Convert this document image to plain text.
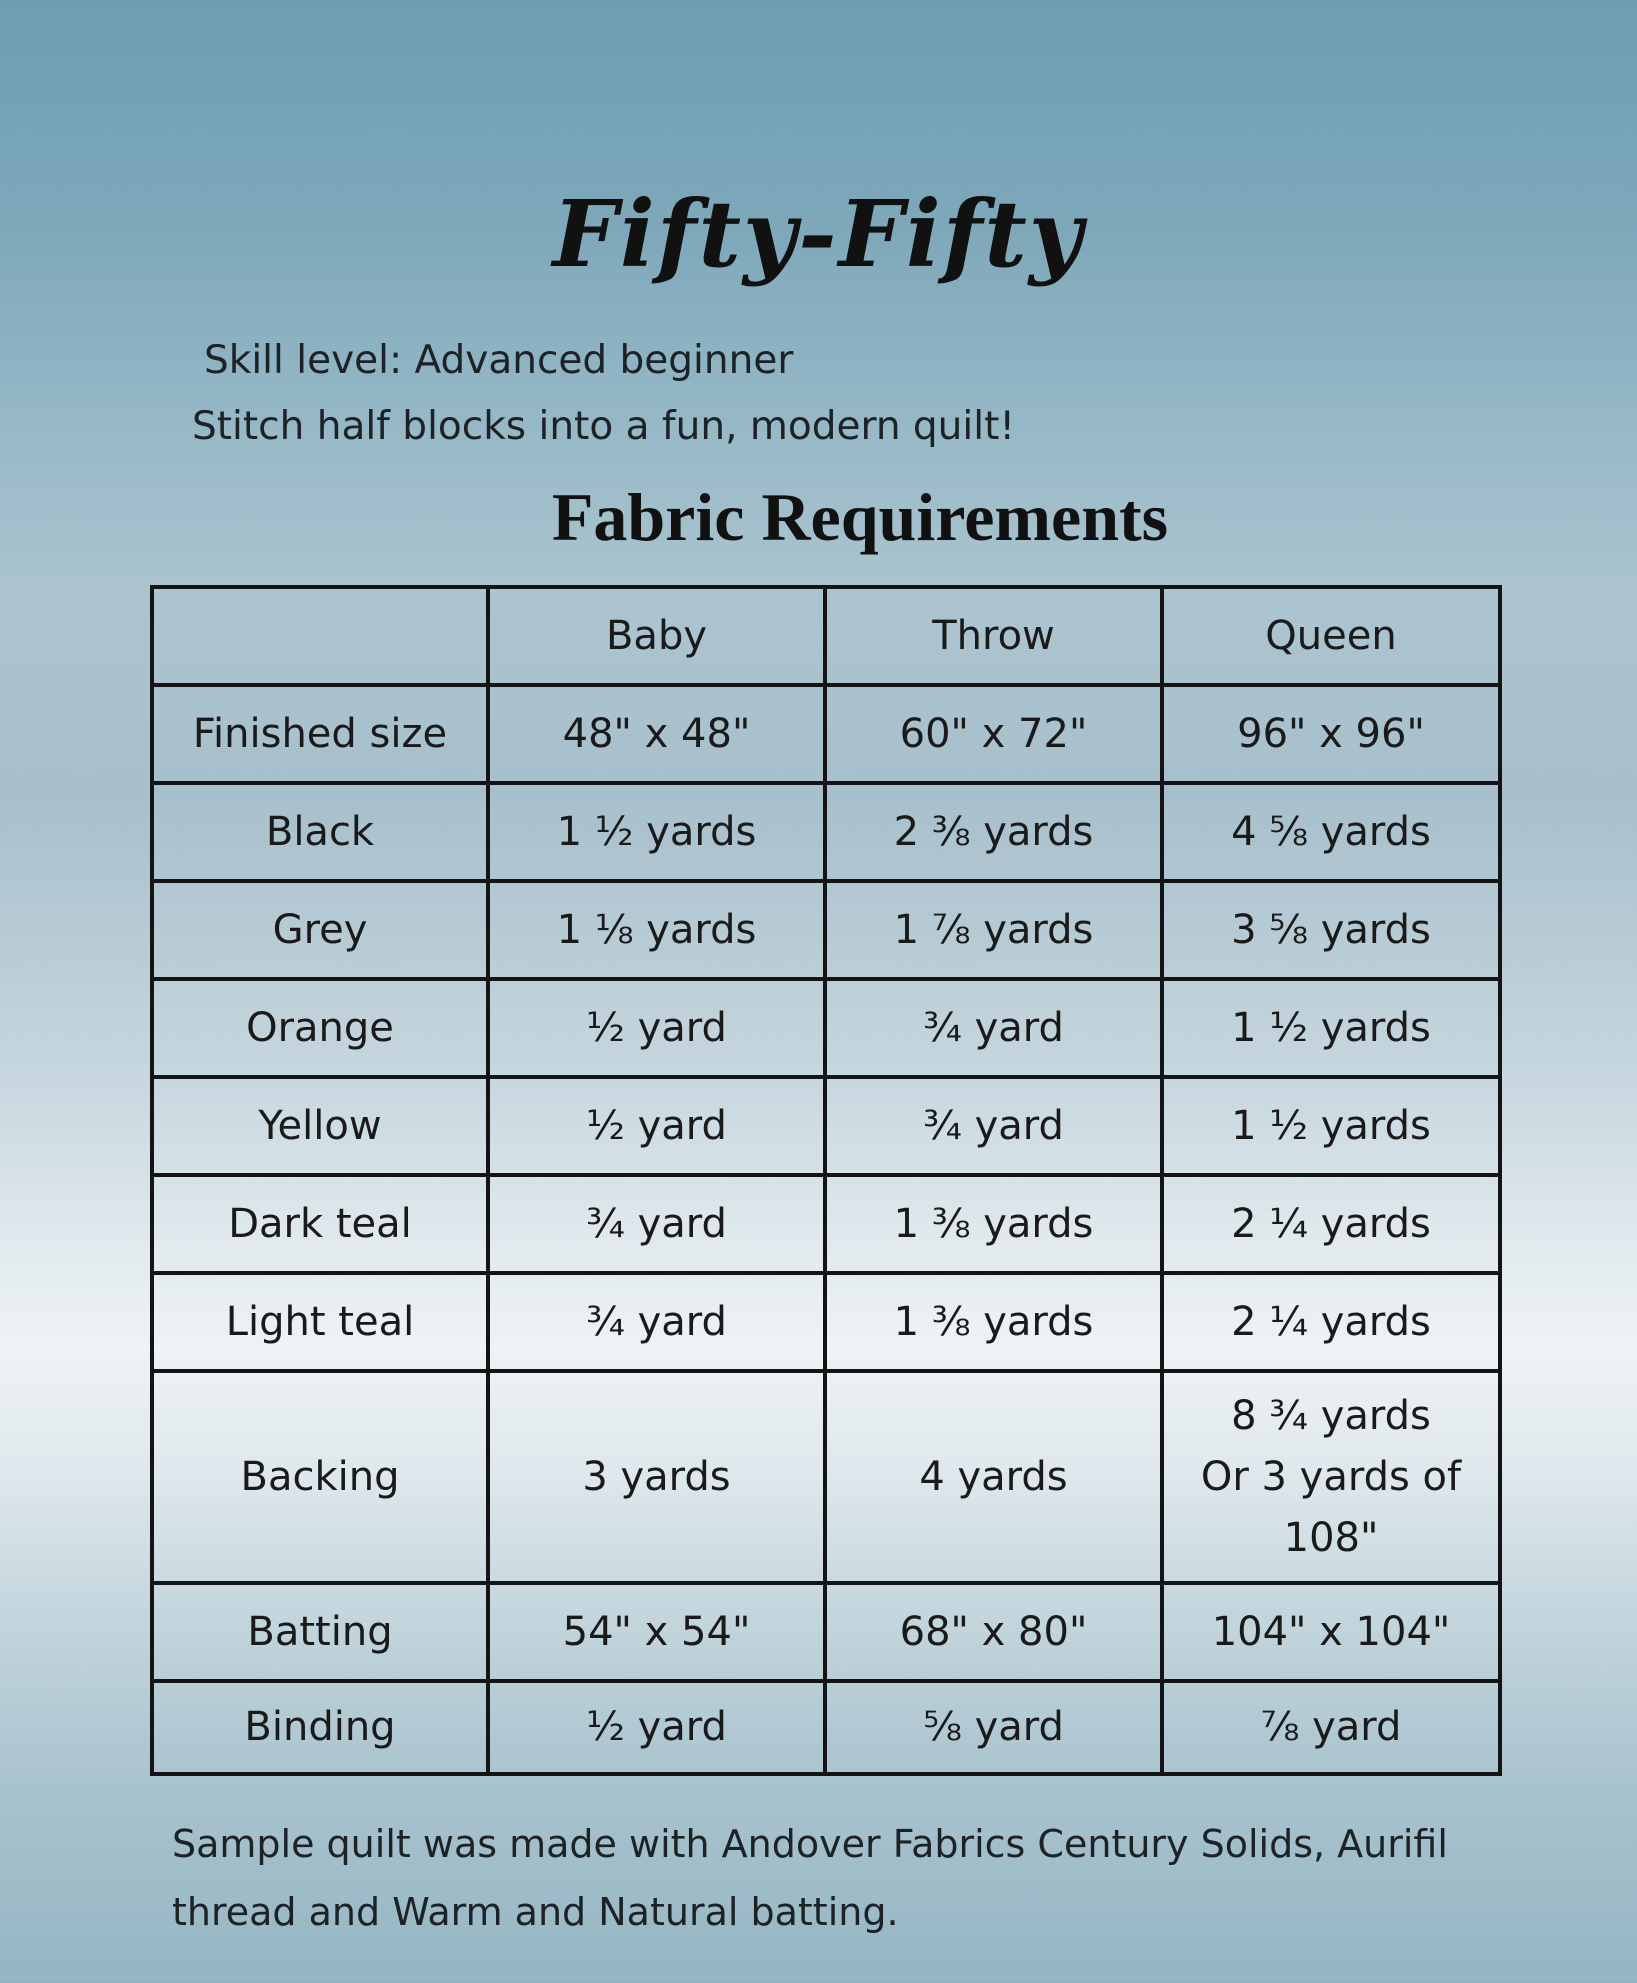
Fifty-Fifty

Skill level: Advanced beginner

Stitch half blocks into a fun, modern quilt!

Fabric Requirements
	Baby	Throw	Queen
Finished size	48" x 48"	60" x 72"	96" x 96"
Black	1 ½ yards	2 ⅜ yards	4 ⅝ yards
Grey	1 ⅛ yards	1 ⅞ yards	3 ⅝ yards
Orange	½ yard	¾ yard	1 ½ yards
Yellow	½ yard	¾ yard	1 ½ yards
Dark teal	¾ yard	1 ⅜ yards	2 ¼ yards
Light teal	¾ yard	1 ⅜ yards	2 ¼ yards
Backing	3 yards	4 yards	8 ¾ yards
Or 3 yards of
108"
Batting	54" x 54"	68" x 80"	104" x 104"
Binding	½ yard	⅝ yard	⅞ yard

Sample quilt was made with Andover Fabrics Century Solids, Aurifil thread and Warm and Natural batting.
